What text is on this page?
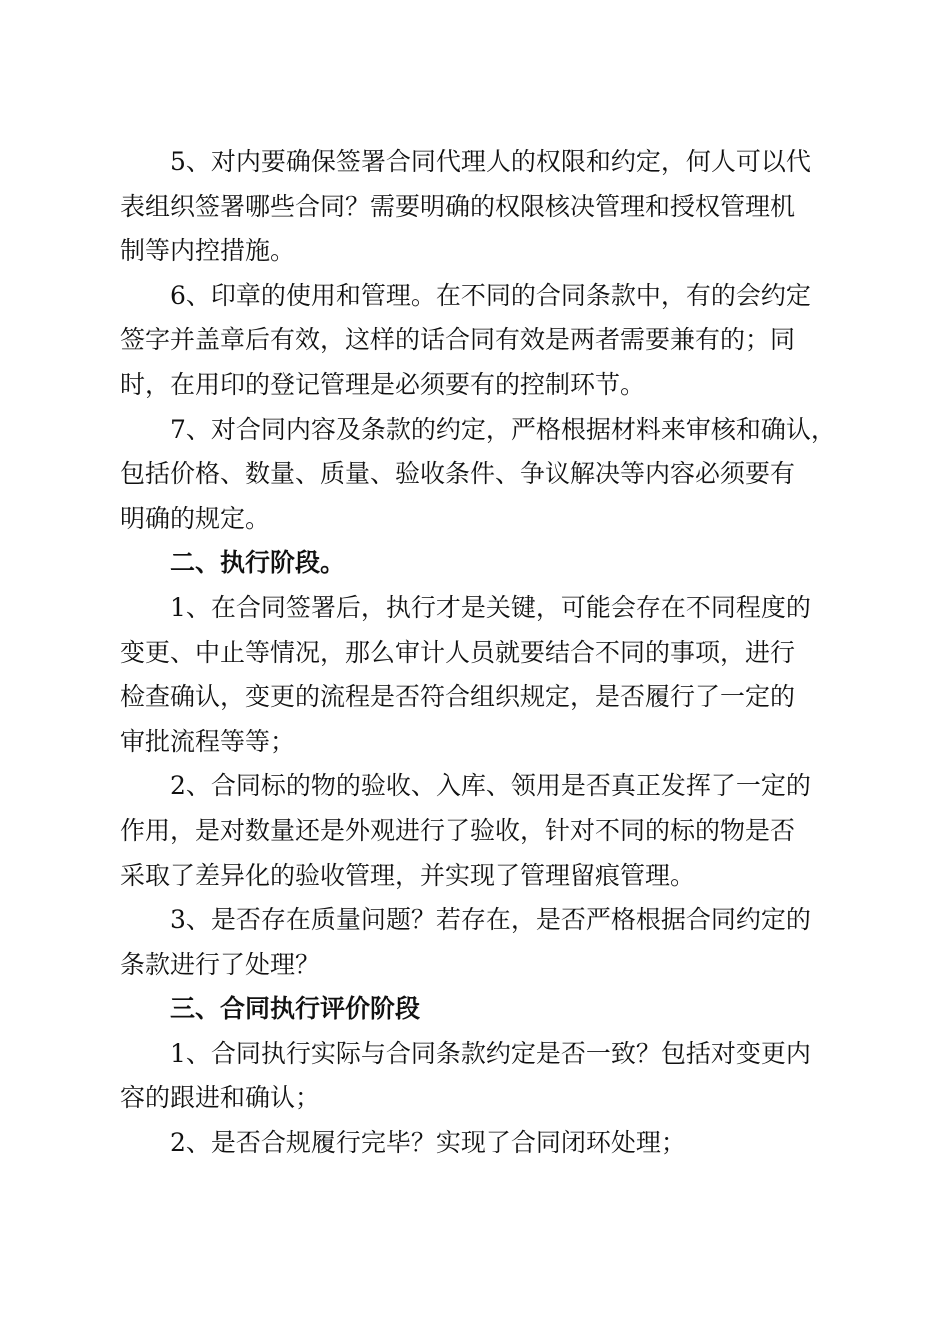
5、对内要确保签署合同代理人的权限和约定，何人可以代
表组织签署哪些合同？需要明确的权限核决管理和授权管理机
制等内控措施。
6、印章的使用和管理。在不同的合同条款中，有的会约定
签字并盖章后有效，这样的话合同有效是两者需要兼有的；同
时，在用印的登记管理是必须要有的控制环节。
7、对合同内容及条款的约定，严格根据材料来审核和确认，
包括价格、数量、质量、验收条件、争议解决等内容必须要有
明确的规定。
二、执行阶段。
1、在合同签署后，执行才是关键，可能会存在不同程度的
变更、中止等情况，那么审计人员就要结合不同的事项，进行
检查确认，变更的流程是否符合组织规定，是否履行了一定的
审批流程等等；
2、合同标的物的验收、入库、领用是否真正发挥了一定的
作用，是对数量还是外观进行了验收，针对不同的标的物是否
采取了差异化的验收管理，并实现了管理留痕管理。
3、是否存在质量问题？若存在，是否严格根据合同约定的
条款进行了处理？
三、合同执行评价阶段
1、合同执行实际与合同条款约定是否一致？包括对变更内
容的跟进和确认；
2、是否合规履行完毕？实现了合同闭环处理；
